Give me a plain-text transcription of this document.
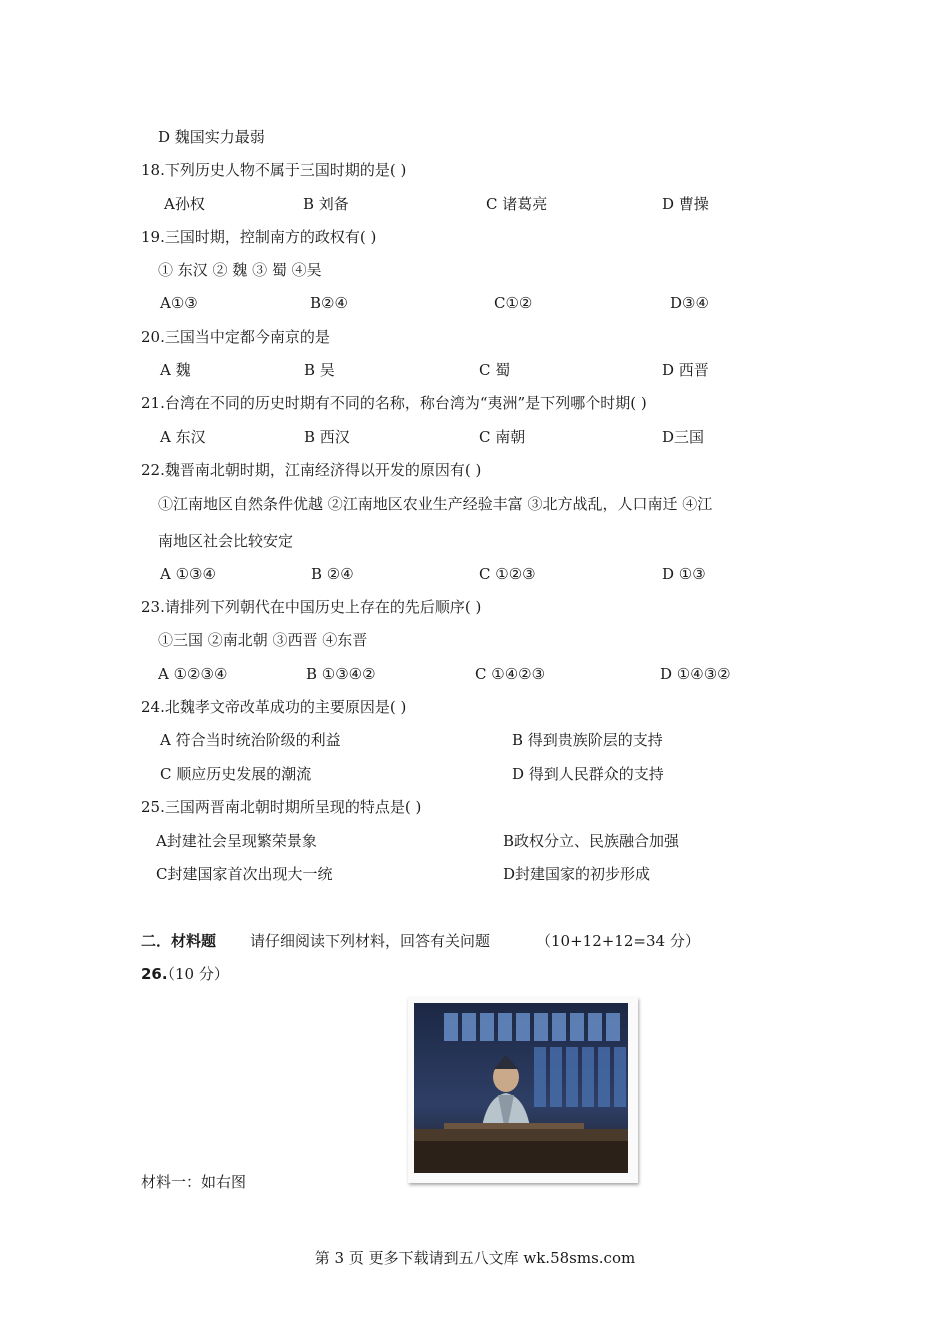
D 魏国实力最弱
18.下列历史人物不属于三国时期的是( )
A孙权	B 刘备	C 诸葛亮	D 曹操
19.三国时期，控制南方的政权有( )
① 东汉 ② 魏 ③ 蜀 ④吴
A①③	B②④	C①②	D③④
20.三国当中定都今南京的是
A 魏	B 吴	C 蜀	D 西晋
21.台湾在不同的历史时期有不同的名称，称台湾为“夷洲”是下列哪个时期( )
A 东汉	B 西汉	C 南朝	D三国
22.魏晋南北朝时期，江南经济得以开发的原因有( )
①江南地区自然条件优越 ②江南地区农业生产经验丰富 ③北方战乱，人口南迁 ④江
南地区社会比较安定
A ①③④	B ②④	C ①②③	D ①③
23.请排列下列朝代在中国历史上存在的先后顺序( )
①三国 ②南北朝 ③西晋 ④东晋
A ①②③④	B ①③④②	C ①④②③	D ①④③②
24.北魏孝文帝改革成功的主要原因是( )
A 符合当时统治阶级的利益	B 得到贵族阶层的支持
C 顺应历史发展的潮流	D 得到人民群众的支持
25.三国两晋南北朝时期所呈现的特点是( )
A封建社会呈现繁荣景象	B政权分立、民族融合加强
C封建国家首次出现大一统	D封建国家的初步形成
二．材料题 请仔细阅读下列材料，回答有关问题	（10+12+12=34 分）
26.
（10 分）
材料一：如右图
第 3 页 更多下载请到五八文库 wk.58sms.com
